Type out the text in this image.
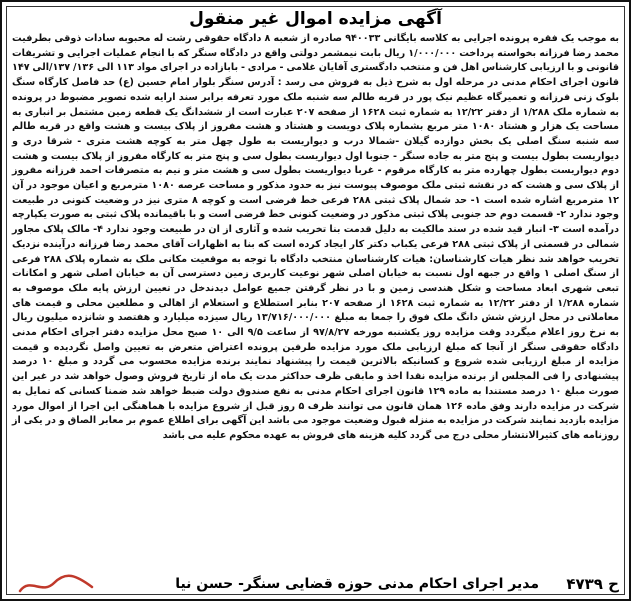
آگهی مزایده اموال غیر منقول
به موجب یک فقره پرونده اجرایی به کلاسه بایگانی ۹۴۰۰۳۳ صادره از شعبه ۸ دادگاه حقوقی رشت له محبوبه سادات ذوقی بطرفیت محمد رضا فرزانه بخواسته پرداخت ۱/۰۰۰/۰۰۰ ریال بابت نیمشمر دولتی واقع در دادگاه سنگر که با انجام عملیات اجرایی و تشریفات قانونی و با ارزیابی کارشناس اهل فن و منتخب دادگستری آقایان غلامی - مرادی - بابازاده در اجرای مواد ۱۱۳ الی ۱۳۶/ ۱۳۷/الی ۱۴۷ قانون اجرای احکام مدنی در مرحله اول به شرح ذیل به فروش می رسد : آدرس سنگر بلوار امام حسین (ع) حد فاصل کارگاه سنگ بلوک زنی فرزانه و تعمیرگاه عظیم نیک پور در قریه طالم سه شنبه ملک مورد تعرفه برابر سند ارایه شده تصویر مضبوط در پرونده به شماره ملک ۱/۲۸۸ از دفتر ۱۲/۲۲ به شماره ثبت ۱۶۲۸ از صفحه ۲۰۷ عبارت است از ششدانگ یک قطعه زمین مشتمل بر انباری به مساحت یک هزار و هشتاد ۱۰۸۰ متر مربع بشماره پلاک دویست و هشتاد و هشت مفروز از پلاک بیست و هشت واقع در قریه طالم سه شنبه سنگ اصلی یک بخش دوازده گیلان -شمالا درب و دیواریست به طول چهل متر به کوچه هشت متری - شرقا دری و دیواریست بطول بیست و پنج متر به جاده سنگر - جنوبا اول دیواریست بطول سی و پنج متر به کارگاه مفروز از پلاک بیست و هشت دوم دیواریست بطول چهارده متر به کارگاه مرقوم - غربا دیواریست بطول سی و هشت متر و نیم به متصرفات احمد فرزانه مفروز از پلاک سی و هشت که در نقشه ثبتی ملک موصوف پیوست نیز به حدود مذکور و مساحت عرصه ۱۰۸۰ مترمربع و اعیان موجود در آن ۱۲ مترمربع اشاره شده است ۱- حد شمال پلاک ثبتی ۲۸۸ فرعی خط فرضی است و کوچه ۸ متری نیز در وضعیت کنونی در طبیعت وجود ندارد ۲- قسمت دوم حد جنوبی پلاک ثبتی مذکور در وضعیت کنونی خط فرضی است و با باقیمانده پلاک ثبتی به صورت یکپارچه درآمده است ۳- انبار قید شده در سند مالکیت به دلیل قدمت بنا تخریب شده و آثاری از ان در طبیعت وجود ندارد ۴- مالک پلاک مجاور شمالی در قسمتی از پلاک ثبتی ۲۸۸ فرعی یکباب دکتر کار ایجاد کرده است که بنا به اظهارات آقای محمد رضا فرزانه درآینده نزدیک تخریب خواهد شد نظر هیات کارشناسان: هیات کارشناسان منتخب دادگاه با توجه به موقعیت مکانی ملک به شماره پلاک ۲۸۸ فرعی از سنگ اصلی ۱ واقع در جبهه اول نسبت به خیابان اصلی شهر نوعیت کاربری زمین دسترسی آن به خیابان اصلی شهر و امکانات تبعی شهری ابعاد مساحت و شکل هندسی زمین و با در نظر گرفتن جمیع عوامل دیدندخل در تعیین ارزش پایه ملک موصوف به شماره ۱/۲۸۸ از دفتر ۱۲/۲۲ به شماره ثبت ۱۶۲۸ از صفحه ۲۰۷ بنابر استطلاع و استعلام از اهالی و مطلعین محلی و قیمت های معاملاتی در محل ارزش شش دانگ ملک فوق را جمعا به مبلغ ۱۳/۷۱۶/۰۰۰/۰۰۰ ریال سیزده میلیارد و هفتصد و شانزده میلیون ریال به نرخ روز اعلام میگردد وقت مزایده روز یکشنبه مورخه ۹۷/۸/۲۷ از ساعت ۹/۵ الی ۱۰ صبح محل مزایده دفتر اجرای احکام مدنی دادگاه حقوقی سنگر از آنجا که مبلغ ارزیابی ملک مورد مزایده طرفین پرونده اعتراض متعرض به تعیین واصل نگردیده و قیمت مزایده از مبلغ ارزیابی شده شروع و کسانیکه بالاترین قیمت را پیشنهاد نمایند برنده مزایده محسوب می گردد و مبلغ ۱۰ درصد پیشنهادی را فی المجلس از برنده مزایده نقدا اخذ و مابقی ظرف حداکثر مدت یک ماه از تاریخ فروش وصول خواهد شد در غیر این صورت مبلغ ۱۰ درصد مستندا به ماده ۱۲۹ قانون اجرای احکام مدنی به نفع صندوق دولت ضبط خواهد شد ضمنا کسانی که تمایل به شرکت در مزایده دارند وفق ماده ۱۲۶ همان قانون می توانند ظرف ۵ روز قبل از شروع مزایده با هماهنگی این اجرا از اموال مورد مزایده بازدید نمایند شرکت در مزایده به منزله قبول وضعیت موجود می باشد این آگهی برای اطلاع عموم بر معابر الصاق و در یکی از روزنامه های کثیرالانتشار محلی درج می گردد کلیه هزینه های فروش به عهده محکوم علیه می باشد
ح ۴۷۳۹
مدیر اجرای احکام مدنی حوزه قضایی سنگر- حسن نیا
